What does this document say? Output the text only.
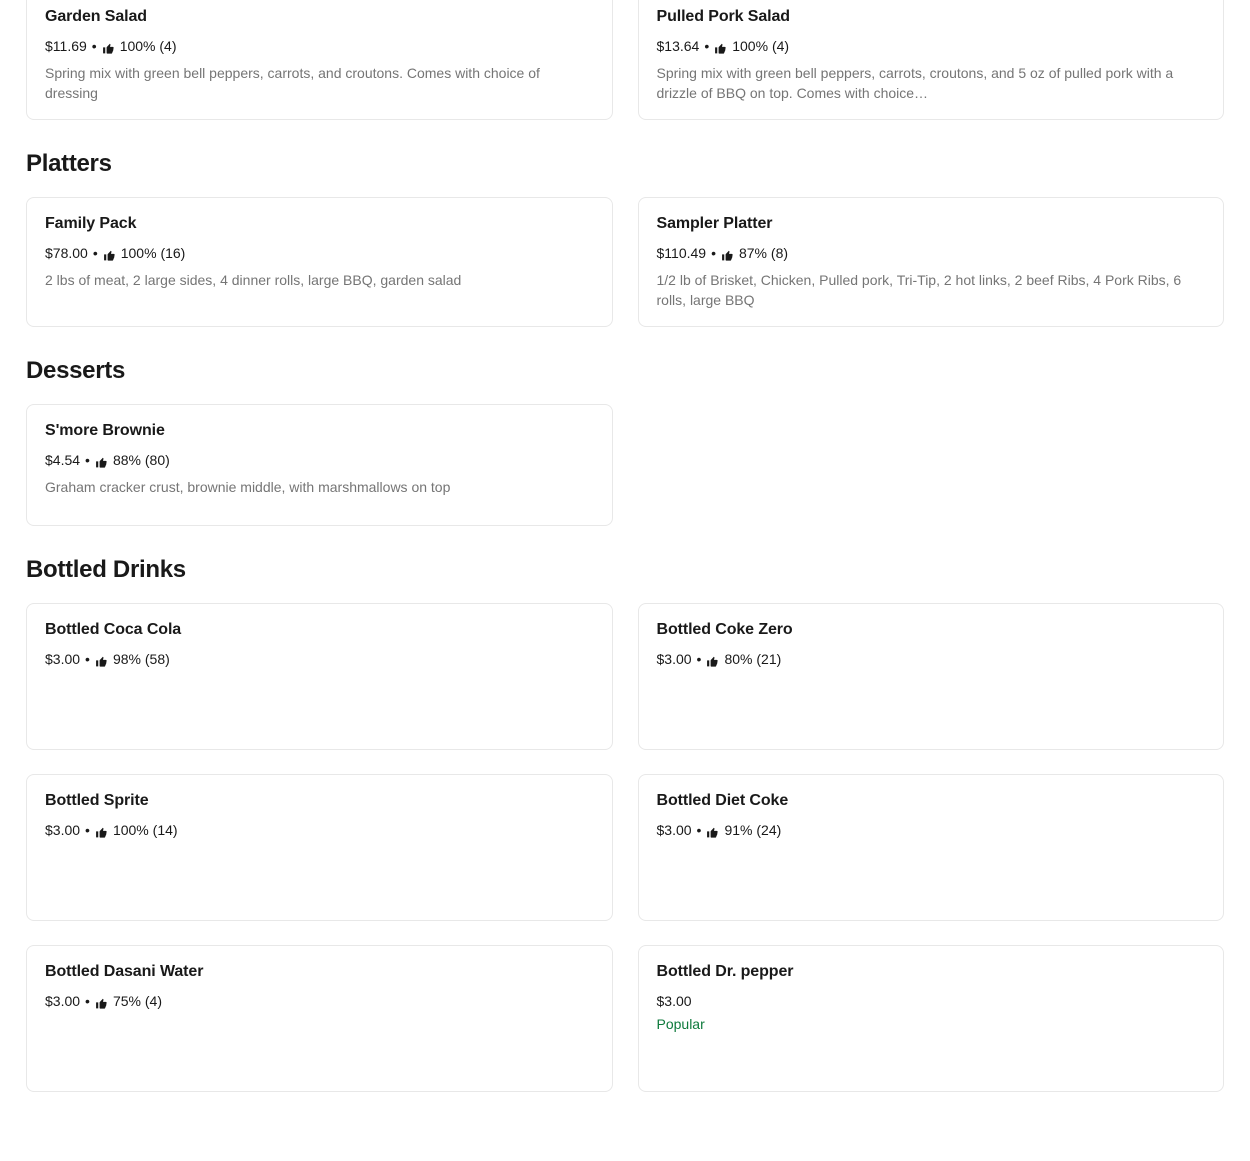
Garden Salad
$11.69 • 100%
(4)
Spring mix with green bell peppers, carrots, and croutons. Comes with choice of dressing
Pulled Pork Salad
$13.64 • 100%
(4)
Spring mix with green bell peppers, carrots, croutons, and 5 oz of pulled pork with a drizzle of BBQ on top. Comes with choice…
Platters
Family Pack
$78.00 • 100%
(16)
2 lbs of meat, 2 large sides, 4 dinner rolls, large BBQ, garden salad
Sampler Platter
$110.49 • 87%
(8)
1/2 lb of Brisket, Chicken, Pulled pork, Tri-Tip, 2 hot links, 2 beef Ribs, 4 Pork Ribs, 6 rolls, large BBQ
Desserts
S'more Brownie
$4.54 • 88%
(80)
Graham cracker crust, brownie middle, with marshmallows on top
Bottled Drinks
Bottled Coca Cola
$3.00 • 98%
(58)
Bottled Coke Zero
$3.00 • 80%
(21)
Bottled Sprite
$3.00 • 100%
(14)
Bottled Diet Coke
$3.00 • 91%
(24)
Bottled Dasani Water
$3.00 • 75%
(4)
Bottled Dr. pepper
$3.00
Popular
